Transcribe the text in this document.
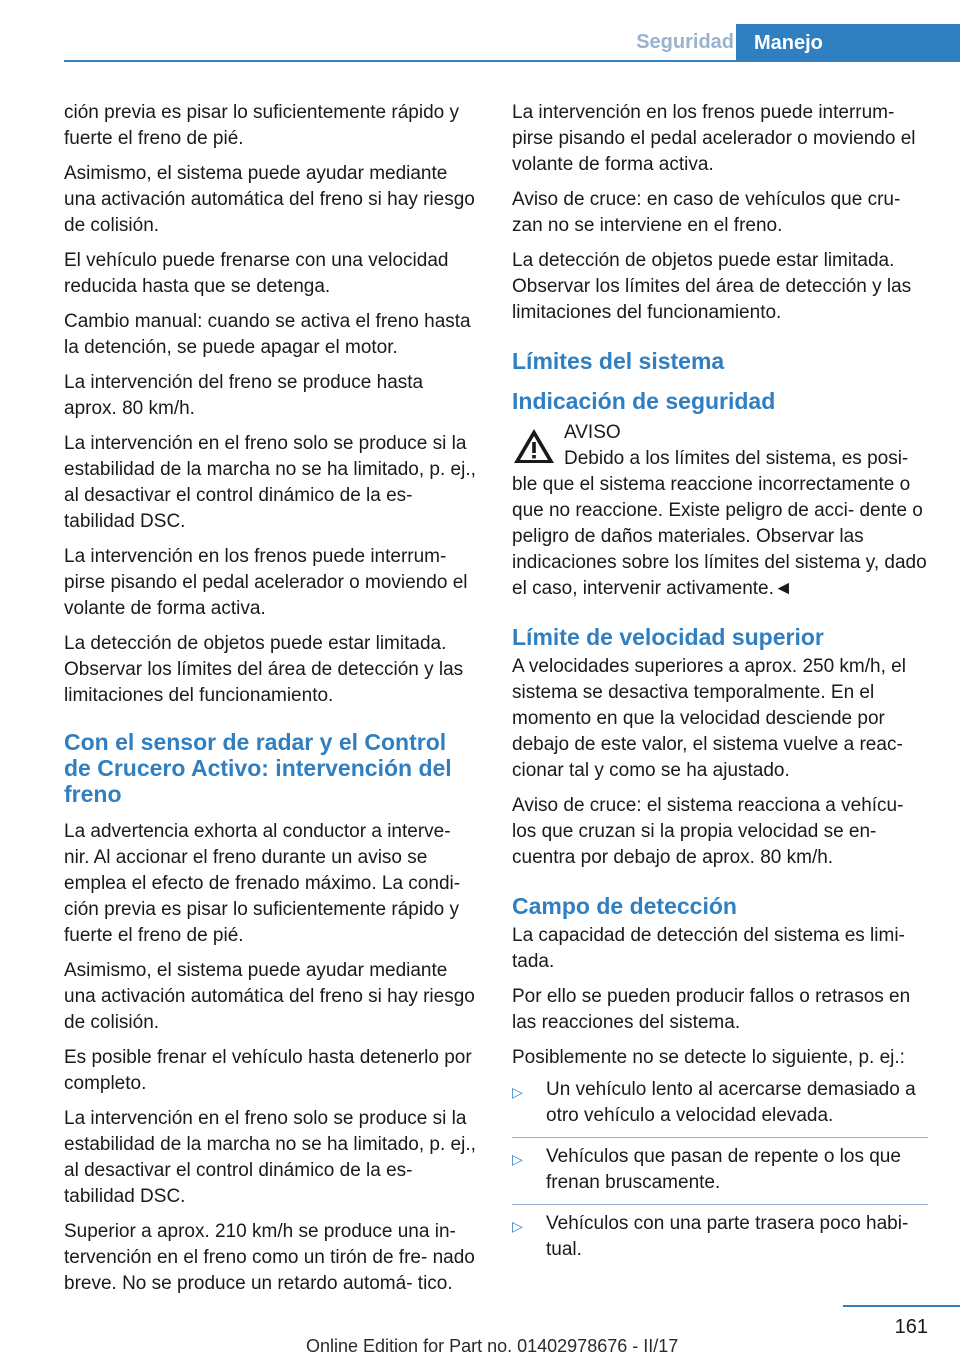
Seguridad	Manejo

ción previa es pisar lo suficientemente rápido y fuerte el freno de pié.

Asimismo, el sistema puede ayudar mediante una activación automática del freno si hay riesgo de colisión.

El vehículo puede frenarse con una velocidad reducida hasta que se detenga.

Cambio manual: cuando se activa el freno hasta la detención, se puede apagar el motor.

La intervención del freno se produce hasta aprox. 80 km/h.

La intervención en el freno solo se produce si la estabilidad de la marcha no se ha limitado, p. ej., al desactivar el control dinámico de la es‐ tabilidad DSC.

La intervención en los frenos puede interrum‐ pirse pisando el pedal acelerador o moviendo el volante de forma activa.

La detección de objetos puede estar limitada. Observar los límites del área de detección y las limitaciones del funcionamiento.

Con el sensor de radar y el Control de Crucero Activo: intervención del freno

La advertencia exhorta al conductor a interve‐ nir. Al accionar el freno durante un aviso se emplea el efecto de frenado máximo. La condi‐ ción previa es pisar lo suficientemente rápido y fuerte el freno de pié.

Asimismo, el sistema puede ayudar mediante una activación automática del freno si hay riesgo de colisión.

Es posible frenar el vehículo hasta detenerlo por completo.

La intervención en el freno solo se produce si la estabilidad de la marcha no se ha limitado, p. ej., al desactivar el control dinámico de la es‐ tabilidad DSC.

Superior a aprox. 210 km/h se produce una in‐ tervención en el freno como un tirón de fre‐ nado breve. No se produce un retardo automá‐ tico.

La intervención en los frenos puede interrum‐ pirse pisando el pedal acelerador o moviendo el volante de forma activa.

Aviso de cruce: en caso de vehículos que cru‐ zan no se interviene en el freno.

La detección de objetos puede estar limitada. Observar los límites del área de detección y las limitaciones del funcionamiento.

Límites del sistema
Indicación de seguridad

AVISO

Debido a los límites del sistema, es posi‐

ble que el sistema reaccione incorrectamente o que no reaccione. Existe peligro de acci‐ dente o peligro de daños materiales. Observar las indicaciones sobre los límites del sistema y, dado el caso, intervenir activamente.◄

Límite de velocidad superior

A velocidades superiores a aprox. 250 km/h, el sistema se desactiva temporalmente. En el momento en que la velocidad desciende por debajo de este valor, el sistema vuelve a reac‐ cionar tal y como se ha ajustado.

Aviso de cruce: el sistema reacciona a vehícu‐ los que cruzan si la propia velocidad se en‐ cuentra por debajo de aprox. 80 km/h.

Campo de detección

La capacidad de detección del sistema es limi‐ tada.

Por ello se pueden producir fallos o retrasos en las reacciones del sistema.

Posiblemente no se detecte lo siguiente, p. ej.:

▷ Un vehículo lento al acercarse demasiado a otro vehículo a velocidad elevada.
▷ Vehículos que pasan de repente o los que frenan bruscamente.
▷ Vehículos con una parte trasera poco habi‐ tual.
161
Online Edition for Part no. 01402978676 - II/17
